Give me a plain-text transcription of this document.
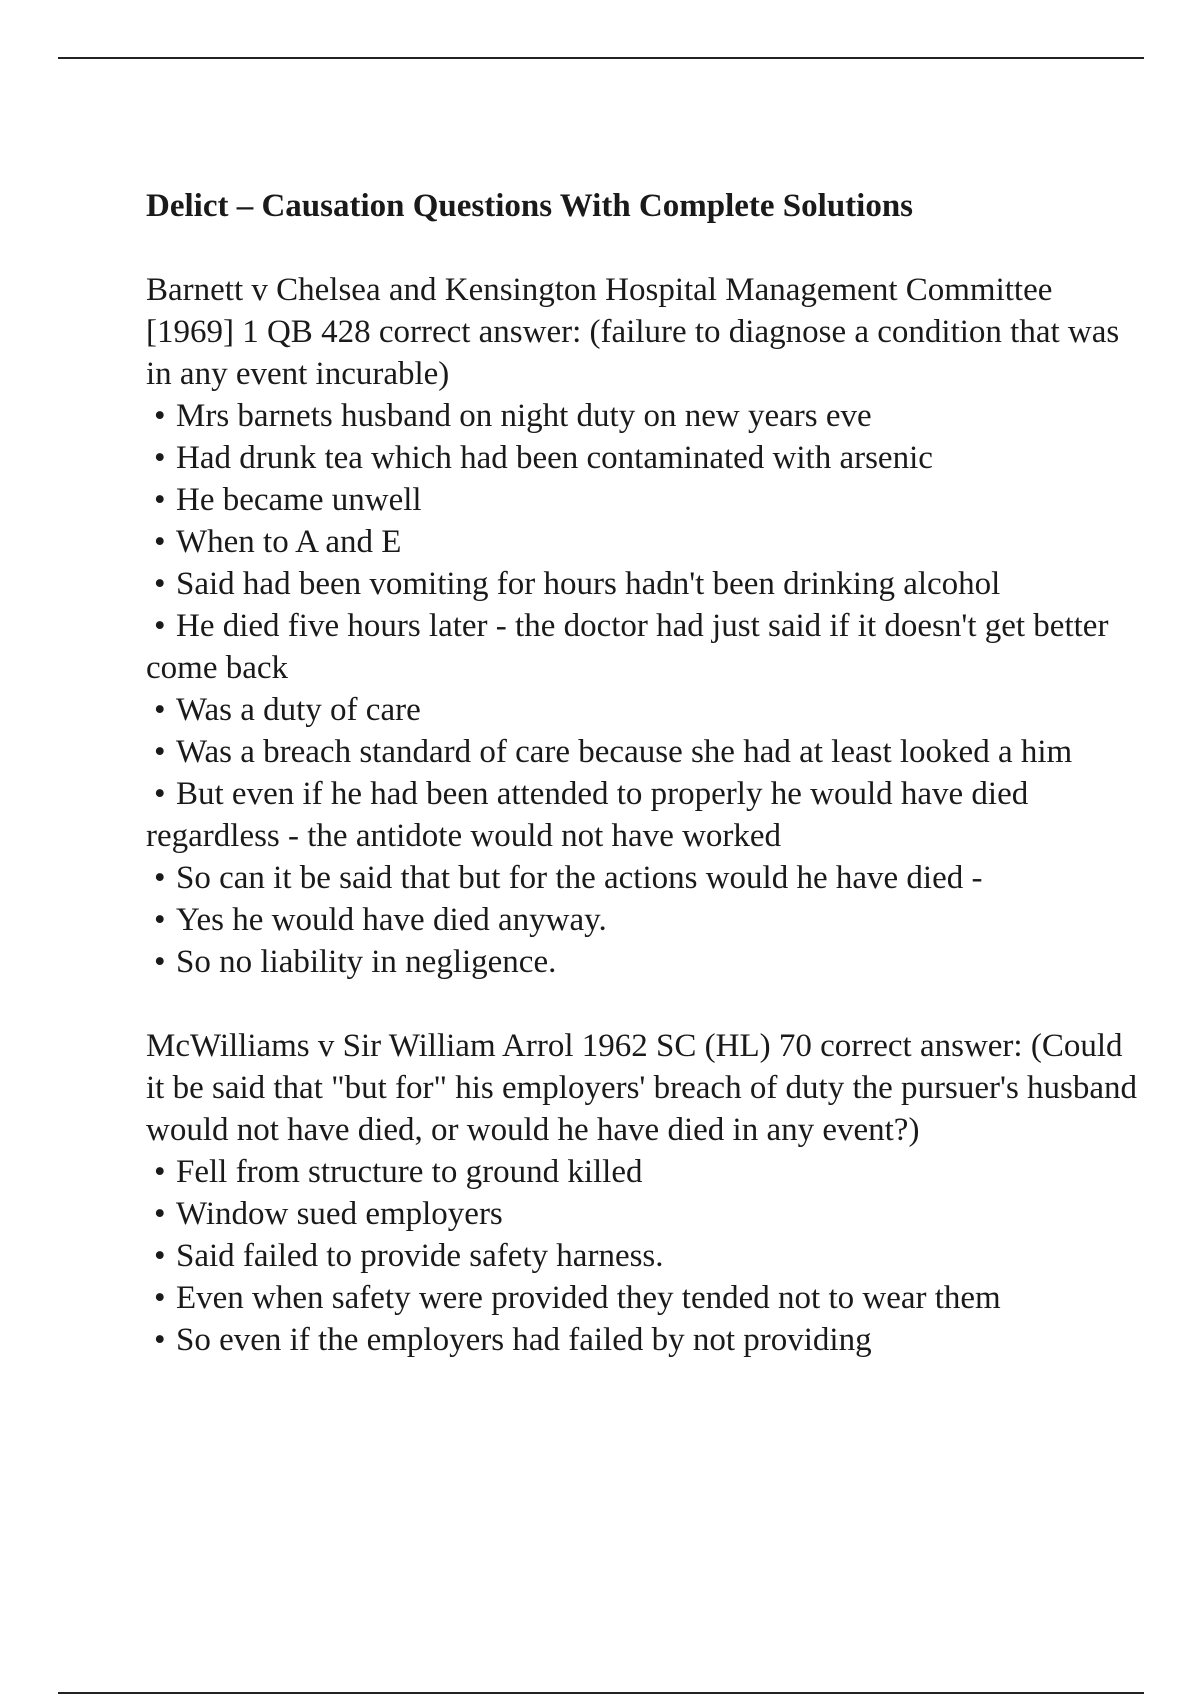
Delict – Causation Questions With Complete Solutions

Barnett v Chelsea and Kensington Hospital Management Committee [1969] 1 QB 428 correct answer: (failure to diagnose a condition that was in any event incurable)

• Mrs barnets husband on night duty on new years eve
• Had drunk tea which had been contaminated with arsenic
• He became unwell
• When to A and E
• Said had been vomiting for hours hadn't been drinking alcohol
• He died five hours later - the doctor had just said if it doesn't get better come back
• Was a duty of care
• Was a breach standard of care because she had at least looked a him
• But even if he had been attended to properly he would have died regardless - the antidote would not have worked
• So can it be said that but for the actions would he have died -
• Yes he would have died anyway.
• So no liability in negligence.

McWilliams v Sir William Arrol 1962 SC (HL) 70 correct answer: (Could it be said that "but for" his employers' breach of duty the pursuer's husband would not have died, or would he have died in any event?)

• Fell from structure to ground killed
• Window sued employers
• Said failed to provide safety harness.
• Even when safety were provided they tended not to wear them
• So even if the employers had failed by not providing
